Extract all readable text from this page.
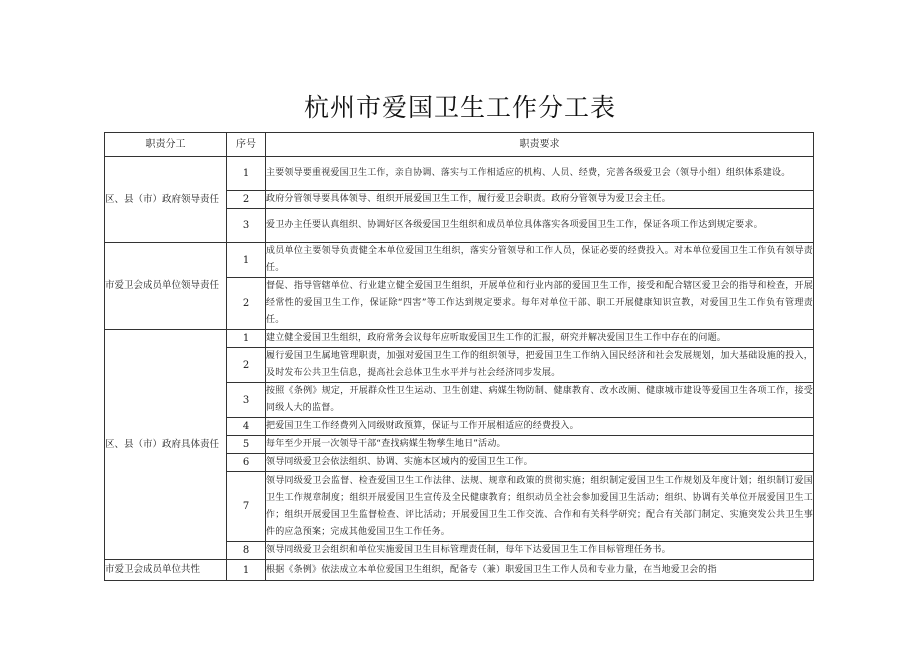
杭州市爱国卫生工作分工表
职责分工	序号	职责要求
区、县（市）政府领导责任	1	主要领导要重视爱国卫生工作，亲自协调、落实与工作相适应的机构、人员、经费，完善各级爱卫会（领导小组）组织体系建设。
	2	政府分管领导要具体领导、组织开展爱国卫生工作，履行爱卫会职责。政府分管领导为爱卫会主任。
	3	爱卫办主任要认真组织、协调好区各级爱国卫生组织和成员单位具体落实各项爱国卫生工作，保证各项工作达到规定要求。
市爱卫会成员单位领导责任	1	成员单位主要领导负责健全本单位爱国卫生组织，落实分管领导和工作人员，保证必要的经费投入。对本单位爱国卫生工作负有领导责任。
	2	督促、指导管辖单位、行业建立健全爱国卫生组织，开展单位和行业内部的爱国卫生工作，接受和配合辖区爱卫会的指导和检查，开展经常性的爱国卫生工作，保证除“四害”等工作达到规定要求。每年对单位干部、职工开展健康知识宣教，对爱国卫生工作负有管理责任。
区、县（市）政府具体责任	1	建立健全爱国卫生组织，政府常务会议每年应听取爱国卫生工作的汇报，研究并解决爱国卫生工作中存在的问题。
	2	履行爱国卫生属地管理职责，加强对爱国卫生工作的组织领导，把爱国卫生工作纳入国民经济和社会发展规划，加大基础设施的投入，及时发布公共卫生信息，提高社会总体卫生水平并与社会经济同步发展。
	3	按照《条例》规定，开展群众性卫生运动、卫生创建、病媒生物防制、健康教育、改水改厕、健康城市建设等爱国卫生各项工作，接受同级人大的监督。
	4	把爱国卫生工作经费列入同级财政预算，保证与工作开展相适应的经费投入。
	5	每年至少开展一次领导干部“查找病媒生物孳生地日”活动。
	6	领导同级爱卫会依法组织、协调、实施本区域内的爱国卫生工作。
	7	领导同级爱卫会监督、检查爱国卫生工作法律、法规、规章和政策的贯彻实施；组织制定爱国卫生工作规划及年度计划；组织制订爱国卫生工作规章制度；组织开展爱国卫生宣传及全民健康教育；组织动员全社会参加爱国卫生活动；组织、协调有关单位开展爱国卫生工作；组织开展爱国卫生监督检查、评比活动；开展爱国卫生工作交流、合作和有关科学研究；配合有关部门制定、实施突发公共卫生事件的应急预案；完成其他爱国卫生工作任务。
	8	领导同级爱卫会组织和单位实施爱国卫生目标管理责任制，每年下达爱国卫生工作目标管理任务书。
市爱卫会成员单位共性	1	根据《条例》依法成立本单位爱国卫生组织，配备专（兼）职爱国卫生工作人员和专业力量，在当地爱卫会的指
